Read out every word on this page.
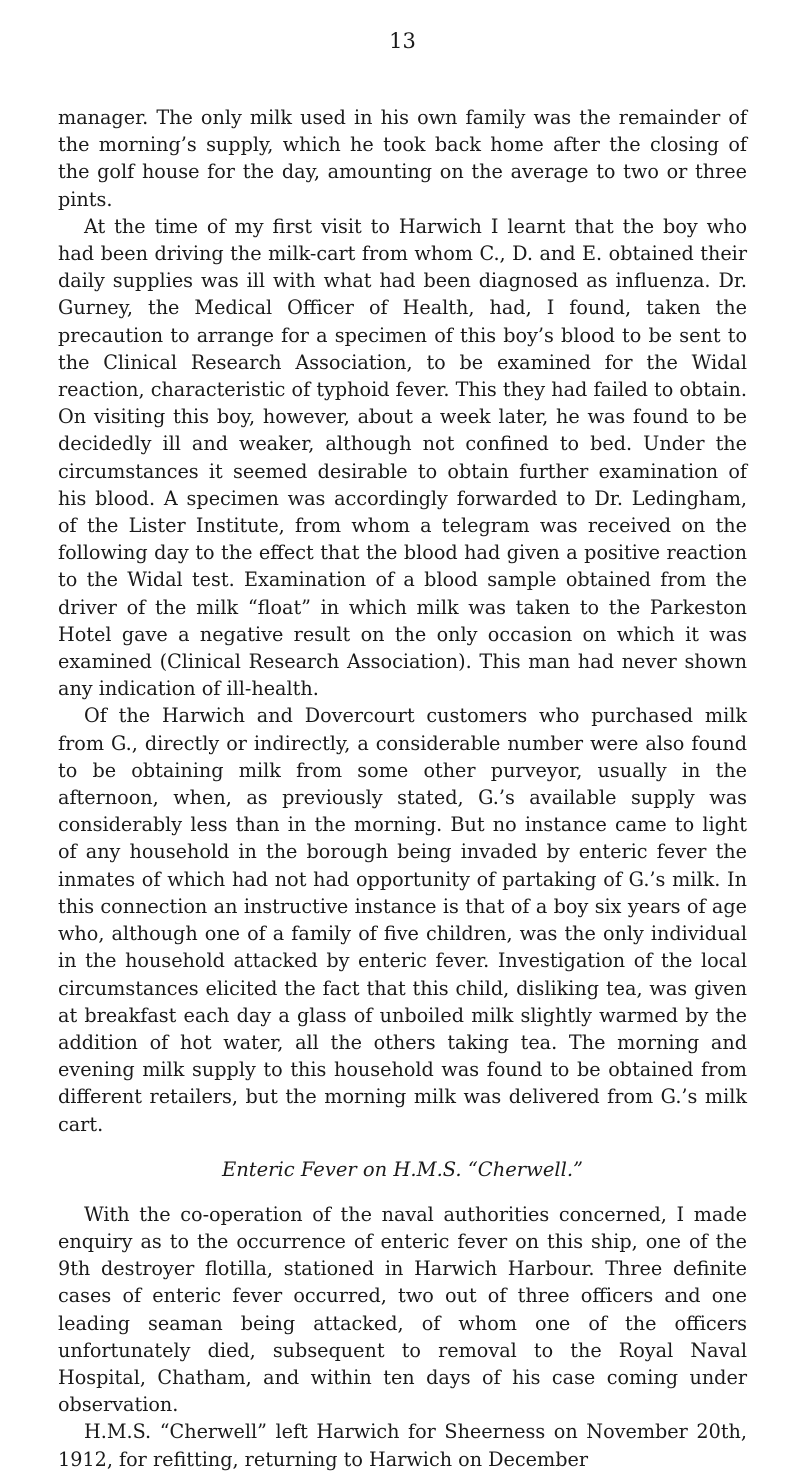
13

manager. The only milk used in his own family was the remainder of the morning’s supply, which he took back home after the closing of the golf house for the day, amounting on the average to two or three pints.

At the time of my first visit to Harwich I learnt that the boy who had been driving the milk-cart from whom C., D. and E. obtained their daily supplies was ill with what had been diagnosed as influenza. Dr. Gurney, the Medical Officer of Health, had, I found, taken the precaution to arrange for a specimen of this boy’s blood to be sent to the Clinical Research Association, to be examined for the Widal reaction, characteristic of typhoid fever. This they had failed to obtain. On visiting this boy, however, about a week later, he was found to be decidedly ill and weaker, although not confined to bed. Under the circumstances it seemed desirable to obtain further examination of his blood. A specimen was accordingly forwarded to Dr. Ledingham, of the Lister Institute, from whom a telegram was received on the following day to the effect that the blood had given a positive reaction to the Widal test. Examination of a blood sample obtained from the driver of the milk “float” in which milk was taken to the Parkeston Hotel gave a negative result on the only occasion on which it was examined (Clinical Research Association). This man had never shown any indication of ill-health.

Of the Harwich and Dovercourt customers who purchased milk from G., directly or indirectly, a considerable number were also found to be obtaining milk from some other purveyor, usually in the afternoon, when, as previously stated, G.’s available supply was considerably less than in the morning. But no instance came to light of any household in the borough being invaded by enteric fever the inmates of which had not had opportunity of partaking of G.’s milk. In this connection an instructive instance is that of a boy six years of age who, although one of a family of five children, was the only individual in the household attacked by enteric fever. Investigation of the local circumstances elicited the fact that this child, disliking tea, was given at breakfast each day a glass of unboiled milk slightly warmed by the addition of hot water, all the others taking tea. The morning and evening milk supply to this household was found to be obtained from different retailers, but the morning milk was delivered from G.’s milk cart.

Enteric Fever on H.M.S. “Cherwell.”

With the co-operation of the naval authorities concerned, I made enquiry as to the occurrence of enteric fever on this ship, one of the 9th destroyer flotilla, stationed in Harwich Harbour. Three definite cases of enteric fever occurred, two out of three officers and one leading seaman being attacked, of whom one of the officers unfortunately died, subsequent to removal to the Royal Naval Hospital, Chatham, and within ten days of his case coming under observation.

H.M.S. “Cherwell” left Harwich for Sheerness on November 20th, 1912, for refitting, returning to Harwich on December
